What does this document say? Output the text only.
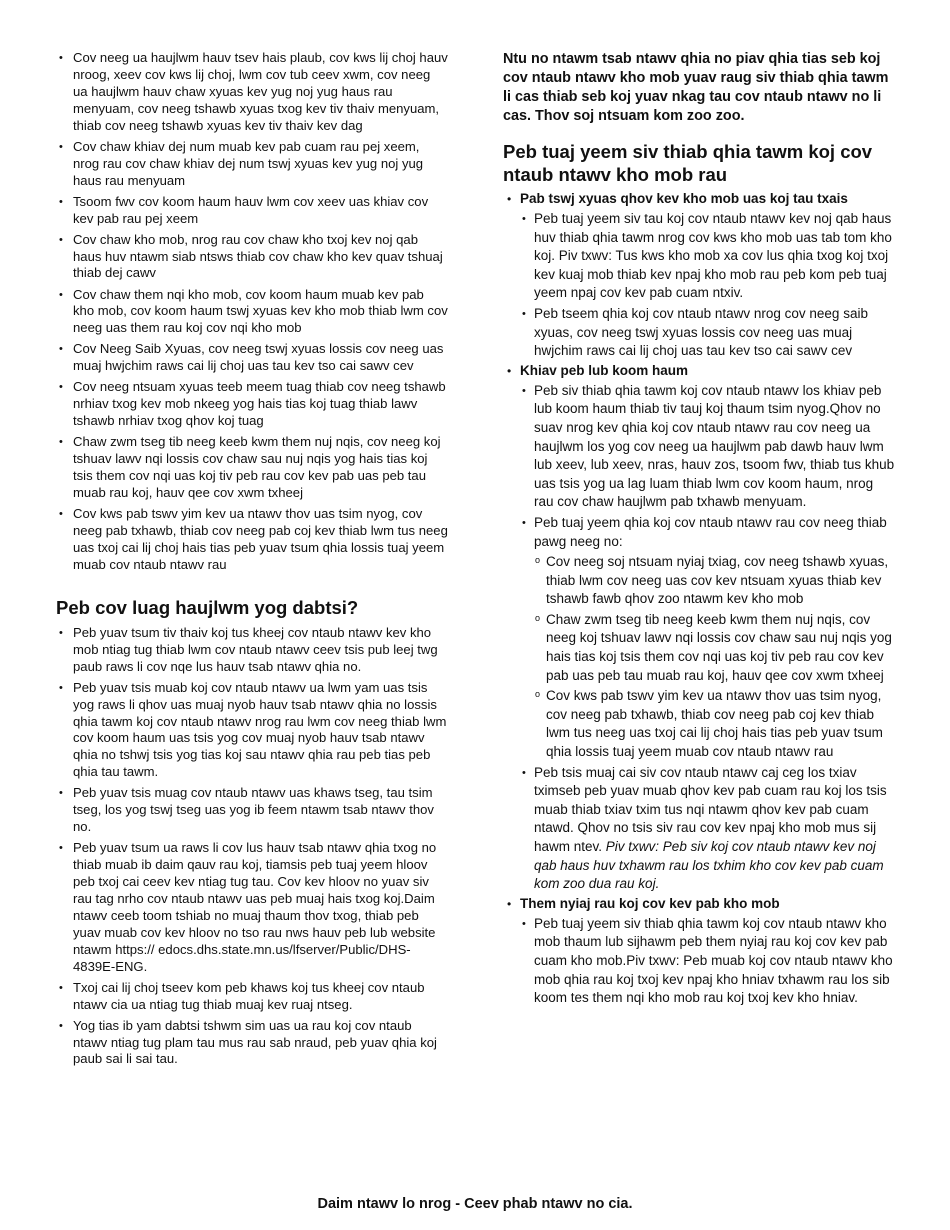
• Cov neeg ua haujlwm hauv tsev hais plaub, cov kws lij choj hauv nroog, xeev cov kws lij choj, lwm cov tub ceev xwm, cov neeg ua haujlwm hauv chaw xyuas kev yug noj yug haus rau menyuam, cov neeg tshawb xyuas txog kev tiv thaiv menyuam, thiab cov neeg tshawb xyuas kev tiv thaiv kev dag
• Cov chaw khiav dej num muab kev pab cuam rau pej xeem, nrog rau cov chaw khiav dej num tswj xyuas kev yug noj yug haus rau menyuam
• Tsoom fwv cov koom haum hauv lwm cov xeev uas khiav cov kev pab rau pej xeem
• Cov chaw kho mob, nrog rau cov chaw kho txoj kev noj qab haus huv ntawm siab ntsws thiab cov chaw kho kev quav tshuaj thiab dej cawv
• Cov chaw them nqi kho mob, cov koom haum muab kev pab kho mob, cov koom haum tswj xyuas kev kho mob thiab lwm cov neeg uas them rau koj cov nqi kho mob
• Cov Neeg Saib Xyuas, cov neeg tswj xyuas lossis cov neeg uas muaj hwjchim raws cai lij choj uas tau kev tso cai sawv cev
• Cov neeg ntsuam xyuas teeb meem tuag thiab cov neeg tshawb nrhiav txog kev mob nkeeg yog hais tias koj tuag thiab lawv tshawb nrhiav txog qhov koj tuag
• Chaw zwm tseg tib neeg keeb kwm them nuj nqis, cov neeg koj tshuav lawv nqi lossis cov chaw sau nuj nqis yog hais tias koj tsis them cov nqi uas koj tiv peb rau cov kev pab uas peb tau muab rau koj, hauv qee cov xwm txheej
• Cov kws pab tswv yim kev ua ntawv thov uas tsim nyog, cov neeg pab txhawb, thiab cov neeg pab coj kev thiab lwm tus neeg uas txoj cai lij choj hais tias peb yuav tsum qhia lossis tuaj yeem muab cov ntaub ntawv rau
Peb cov luag haujlwm yog dabtsi?
• Peb yuav tsum tiv thaiv koj tus kheej cov ntaub ntawv kev kho mob ntiag tug thiab lwm cov ntaub ntawv ceev tsis pub leej twg paub raws li cov nqe lus hauv tsab ntawv qhia no.
• Peb yuav tsis muab koj cov ntaub ntawv ua lwm yam uas tsis yog raws li qhov uas muaj nyob hauv tsab ntawv qhia no lossis qhia tawm koj cov ntaub ntawv nrog rau lwm cov neeg thiab lwm cov koom haum uas tsis yog cov muaj nyob hauv tsab ntawv qhia no tshwj tsis yog tias koj sau ntawv qhia rau peb tias peb qhia tau tawm.
• Peb yuav tsis muag cov ntaub ntawv uas khaws tseg, tau tsim tseg, los yog tswj tseg uas yog ib feem ntawm tsab ntawv thov no.
• Peb yuav tsum ua raws li cov lus hauv tsab ntawv qhia txog no thiab muab ib daim qauv rau koj, tiamsis peb tuaj yeem hloov peb txoj cai ceev kev ntiag tug tau. Cov kev hloov no yuav siv rau tag nrho cov ntaub ntawv uas peb muaj hais txog koj.Daim ntawv ceeb toom tshiab no muaj thaum thov txog, thiab peb yuav muab cov kev hloov no tso rau nws hauv peb lub website ntawm https:// edocs.dhs.state.mn.us/lfserver/Public/DHS-4839E-ENG.
• Txoj cai lij choj tseev kom peb khaws koj tus kheej cov ntaub ntawv cia ua ntiag tug thiab muaj kev ruaj ntseg.
• Yog tias ib yam dabtsi tshwm sim uas ua rau koj cov ntaub ntawv ntiag tug plam tau mus rau sab nraud, peb yuav qhia koj paub sai li sai tau.

Ntu no ntawm tsab ntawv qhia no piav qhia tias seb koj cov ntaub ntawv kho mob yuav raug siv thiab qhia tawm li cas thiab seb koj yuav nkag tau cov ntaub ntawv no li cas. Thov soj ntsuam kom zoo zoo.

Peb tuaj yeem siv thiab qhia tawm koj cov ntaub ntawv kho mob rau
• Pab tswj xyuas qhov kev kho mob uas koj tau txais
• Peb tuaj yeem siv tau koj cov ntaub ntawv kev noj qab haus huv thiab qhia tawm nrog cov kws kho mob uas tab tom kho koj. Piv txwv: Tus kws kho mob xa cov lus qhia txog koj txoj kev kuaj mob thiab kev npaj kho mob rau peb kom peb tuaj yeem npaj cov kev pab cuam ntxiv.
• Peb tseem qhia koj cov ntaub ntawv nrog cov neeg saib xyuas, cov neeg tswj xyuas lossis cov neeg uas muaj hwjchim raws cai lij choj uas tau kev tso cai sawv cev
• Khiav peb lub koom haum
• Peb siv thiab qhia tawm koj cov ntaub ntawv los khiav peb lub koom haum thiab tiv tauj koj thaum tsim nyog.Qhov no suav nrog kev qhia koj cov ntaub ntawv rau cov neeg ua haujlwm los yog cov neeg ua haujlwm pab dawb hauv lwm lub xeev, lub xeev, nras, hauv zos, tsoom fwv, thiab tus khub uas tsis yog ua lag luam thiab lwm cov koom haum, nrog rau cov chaw haujlwm pab txhawb menyuam.
• Peb tuaj yeem qhia koj cov ntaub ntawv rau cov neeg thiab pawg neeg no:
o Cov neeg soj ntsuam nyiaj txiag, cov neeg tshawb xyuas, thiab lwm cov neeg uas cov kev ntsuam xyuas thiab kev tshawb fawb qhov zoo ntawm kev kho mob
o Chaw zwm tseg tib neeg keeb kwm them nuj nqis, cov neeg koj tshuav lawv nqi lossis cov chaw sau nuj nqis yog hais tias koj tsis them cov nqi uas koj tiv peb rau cov kev pab uas peb tau muab rau koj, hauv qee cov xwm txheej
o Cov kws pab tswv yim kev ua ntawv thov uas tsim nyog, cov neeg pab txhawb, thiab cov neeg pab coj kev thiab lwm tus neeg uas txoj cai lij choj hais tias peb yuav tsum qhia lossis tuaj yeem muab cov ntaub ntawv rau
• Peb tsis muaj cai siv cov ntaub ntawv caj ceg los txiav tximseb peb yuav muab qhov kev pab cuam rau koj los tsis muab thiab txiav txim tus nqi ntawm qhov kev pab cuam ntawd. Qhov no tsis siv rau cov kev npaj kho mob mus sij hawm ntev. Piv txwv: Peb siv koj cov ntaub ntawv kev noj qab haus huv txhawm rau los txhim kho cov kev pab cuam kom zoo dua rau koj.
• Them nyiaj rau koj cov kev pab kho mob
• Peb tuaj yeem siv thiab qhia tawm koj cov ntaub ntawv kho mob thaum lub sijhawm peb them nyiaj rau koj cov kev pab cuam kho mob.Piv txwv: Peb muab koj cov ntaub ntawv kho mob qhia rau koj txoj kev npaj kho hniav txhawm rau los sib koom tes them nqi kho mob rau koj txoj kev kho hniav.
Daim ntawv lo nrog - Ceev phab ntawv no cia.
